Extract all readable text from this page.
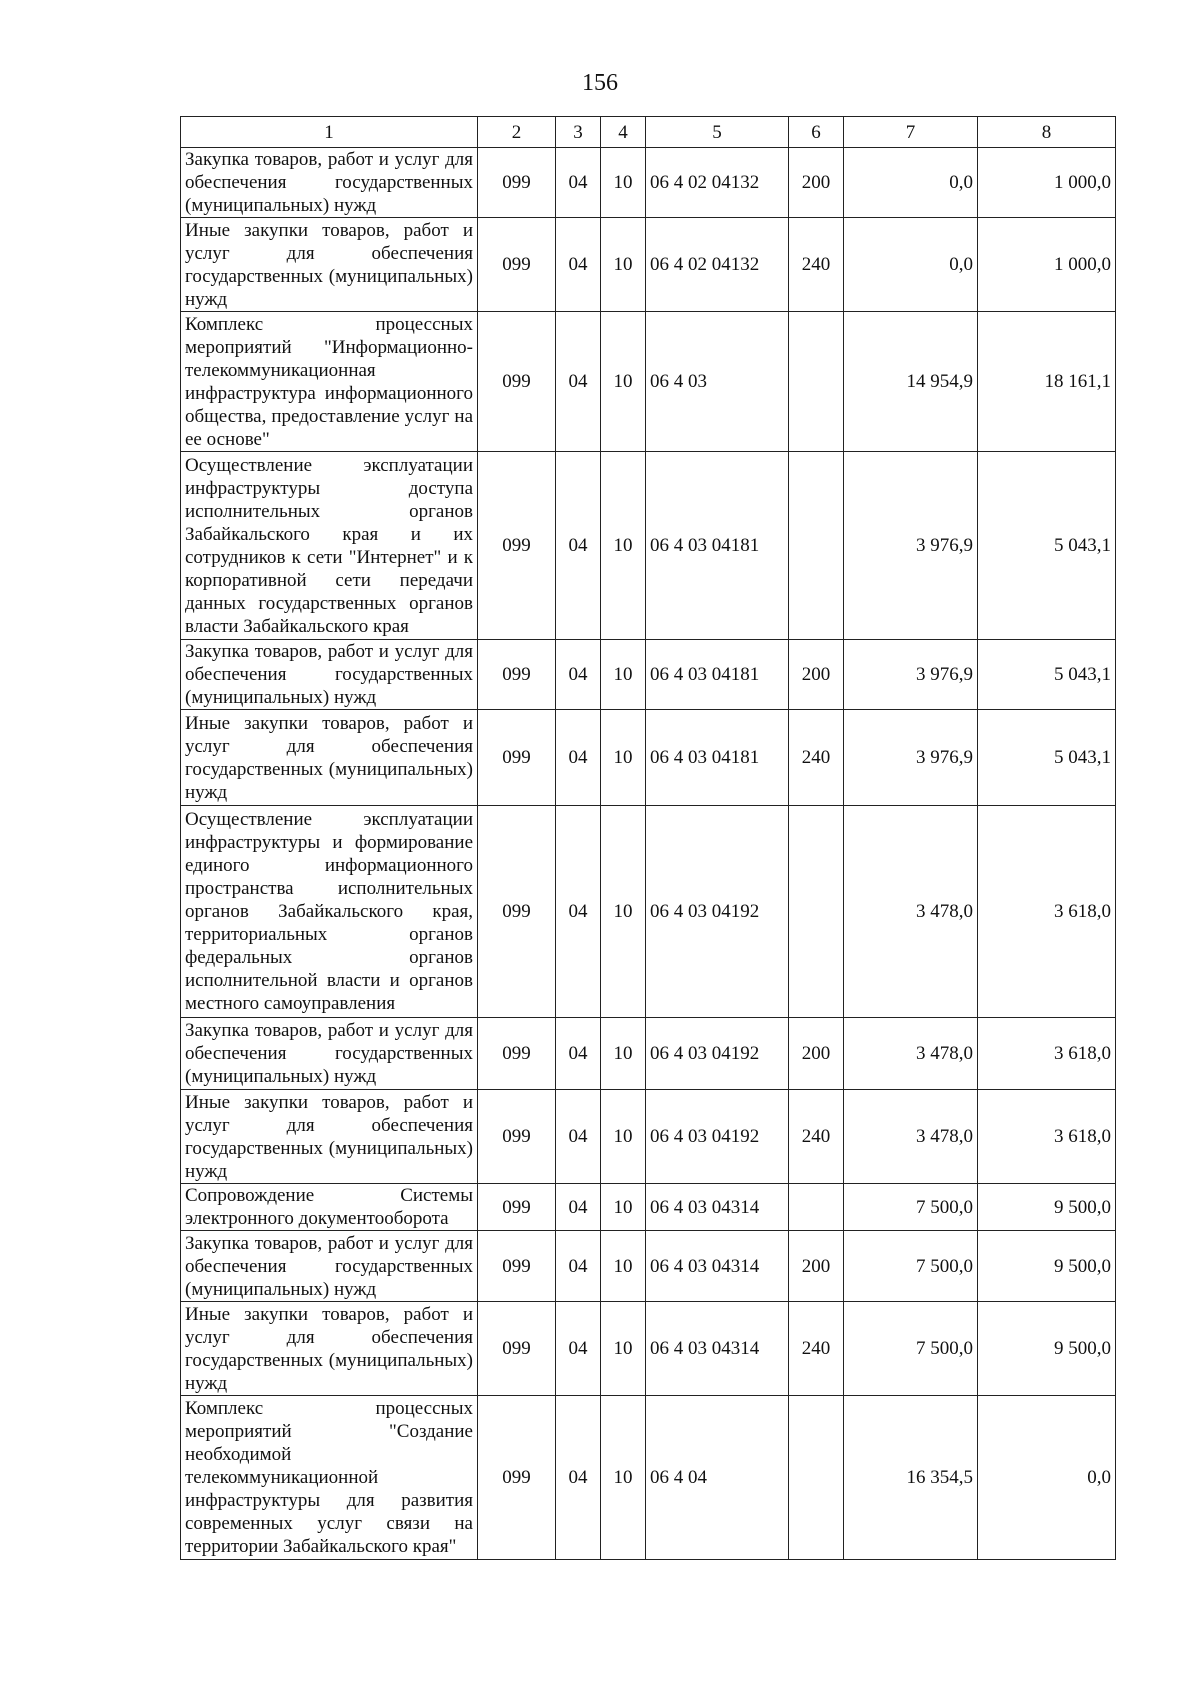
156
1	2	3	4	5	6	7	8
Закупка товаров, работ и услуг для обеспечения государственных (муниципальных) нужд	099	04	10	06 4 02 04132	200	0,0	1 000,0
Иные закупки товаров, работ и услуг для обеспечения государственных (муниципальных) нужд	099	04	10	06 4 02 04132	240	0,0	1 000,0
Комплекс процессных мероприятий "Информационно-телекоммуникационная инфраструктура информационного общества, предоставление услуг на ее основе"	099	04	10	06 4 03		14 954,9	18 161,1
Осуществление эксплуатации инфраструктуры доступа исполнительных органов Забайкальского края и их сотрудников к сети "Интернет" и к корпоративной сети передачи данных государственных органов власти Забайкальского края	099	04	10	06 4 03 04181		3 976,9	5 043,1
Закупка товаров, работ и услуг для обеспечения государственных (муниципальных) нужд	099	04	10	06 4 03 04181	200	3 976,9	5 043,1
Иные закупки товаров, работ и услуг для обеспечения государственных (муниципальных) нужд	099	04	10	06 4 03 04181	240	3 976,9	5 043,1
Осуществление эксплуатации инфраструктуры и формирование единого информационного пространства исполнительных органов Забайкальского края, территориальных органов федеральных органов исполнительной власти и органов местного самоуправления	099	04	10	06 4 03 04192		3 478,0	3 618,0
Закупка товаров, работ и услуг для обеспечения государственных (муниципальных) нужд	099	04	10	06 4 03 04192	200	3 478,0	3 618,0
Иные закупки товаров, работ и услуг для обеспечения государственных (муниципальных) нужд	099	04	10	06 4 03 04192	240	3 478,0	3 618,0
Сопровождение Системы электронного документооборота	099	04	10	06 4 03 04314		7 500,0	9 500,0
Закупка товаров, работ и услуг для обеспечения государственных (муниципальных) нужд	099	04	10	06 4 03 04314	200	7 500,0	9 500,0
Иные закупки товаров, работ и услуг для обеспечения государственных (муниципальных) нужд	099	04	10	06 4 03 04314	240	7 500,0	9 500,0
Комплекс процессных мероприятий "Создание необходимой телекоммуникационной инфраструктуры для развития современных услуг связи на территории Забайкальского края"	099	04	10	06 4 04		16 354,5	0,0
